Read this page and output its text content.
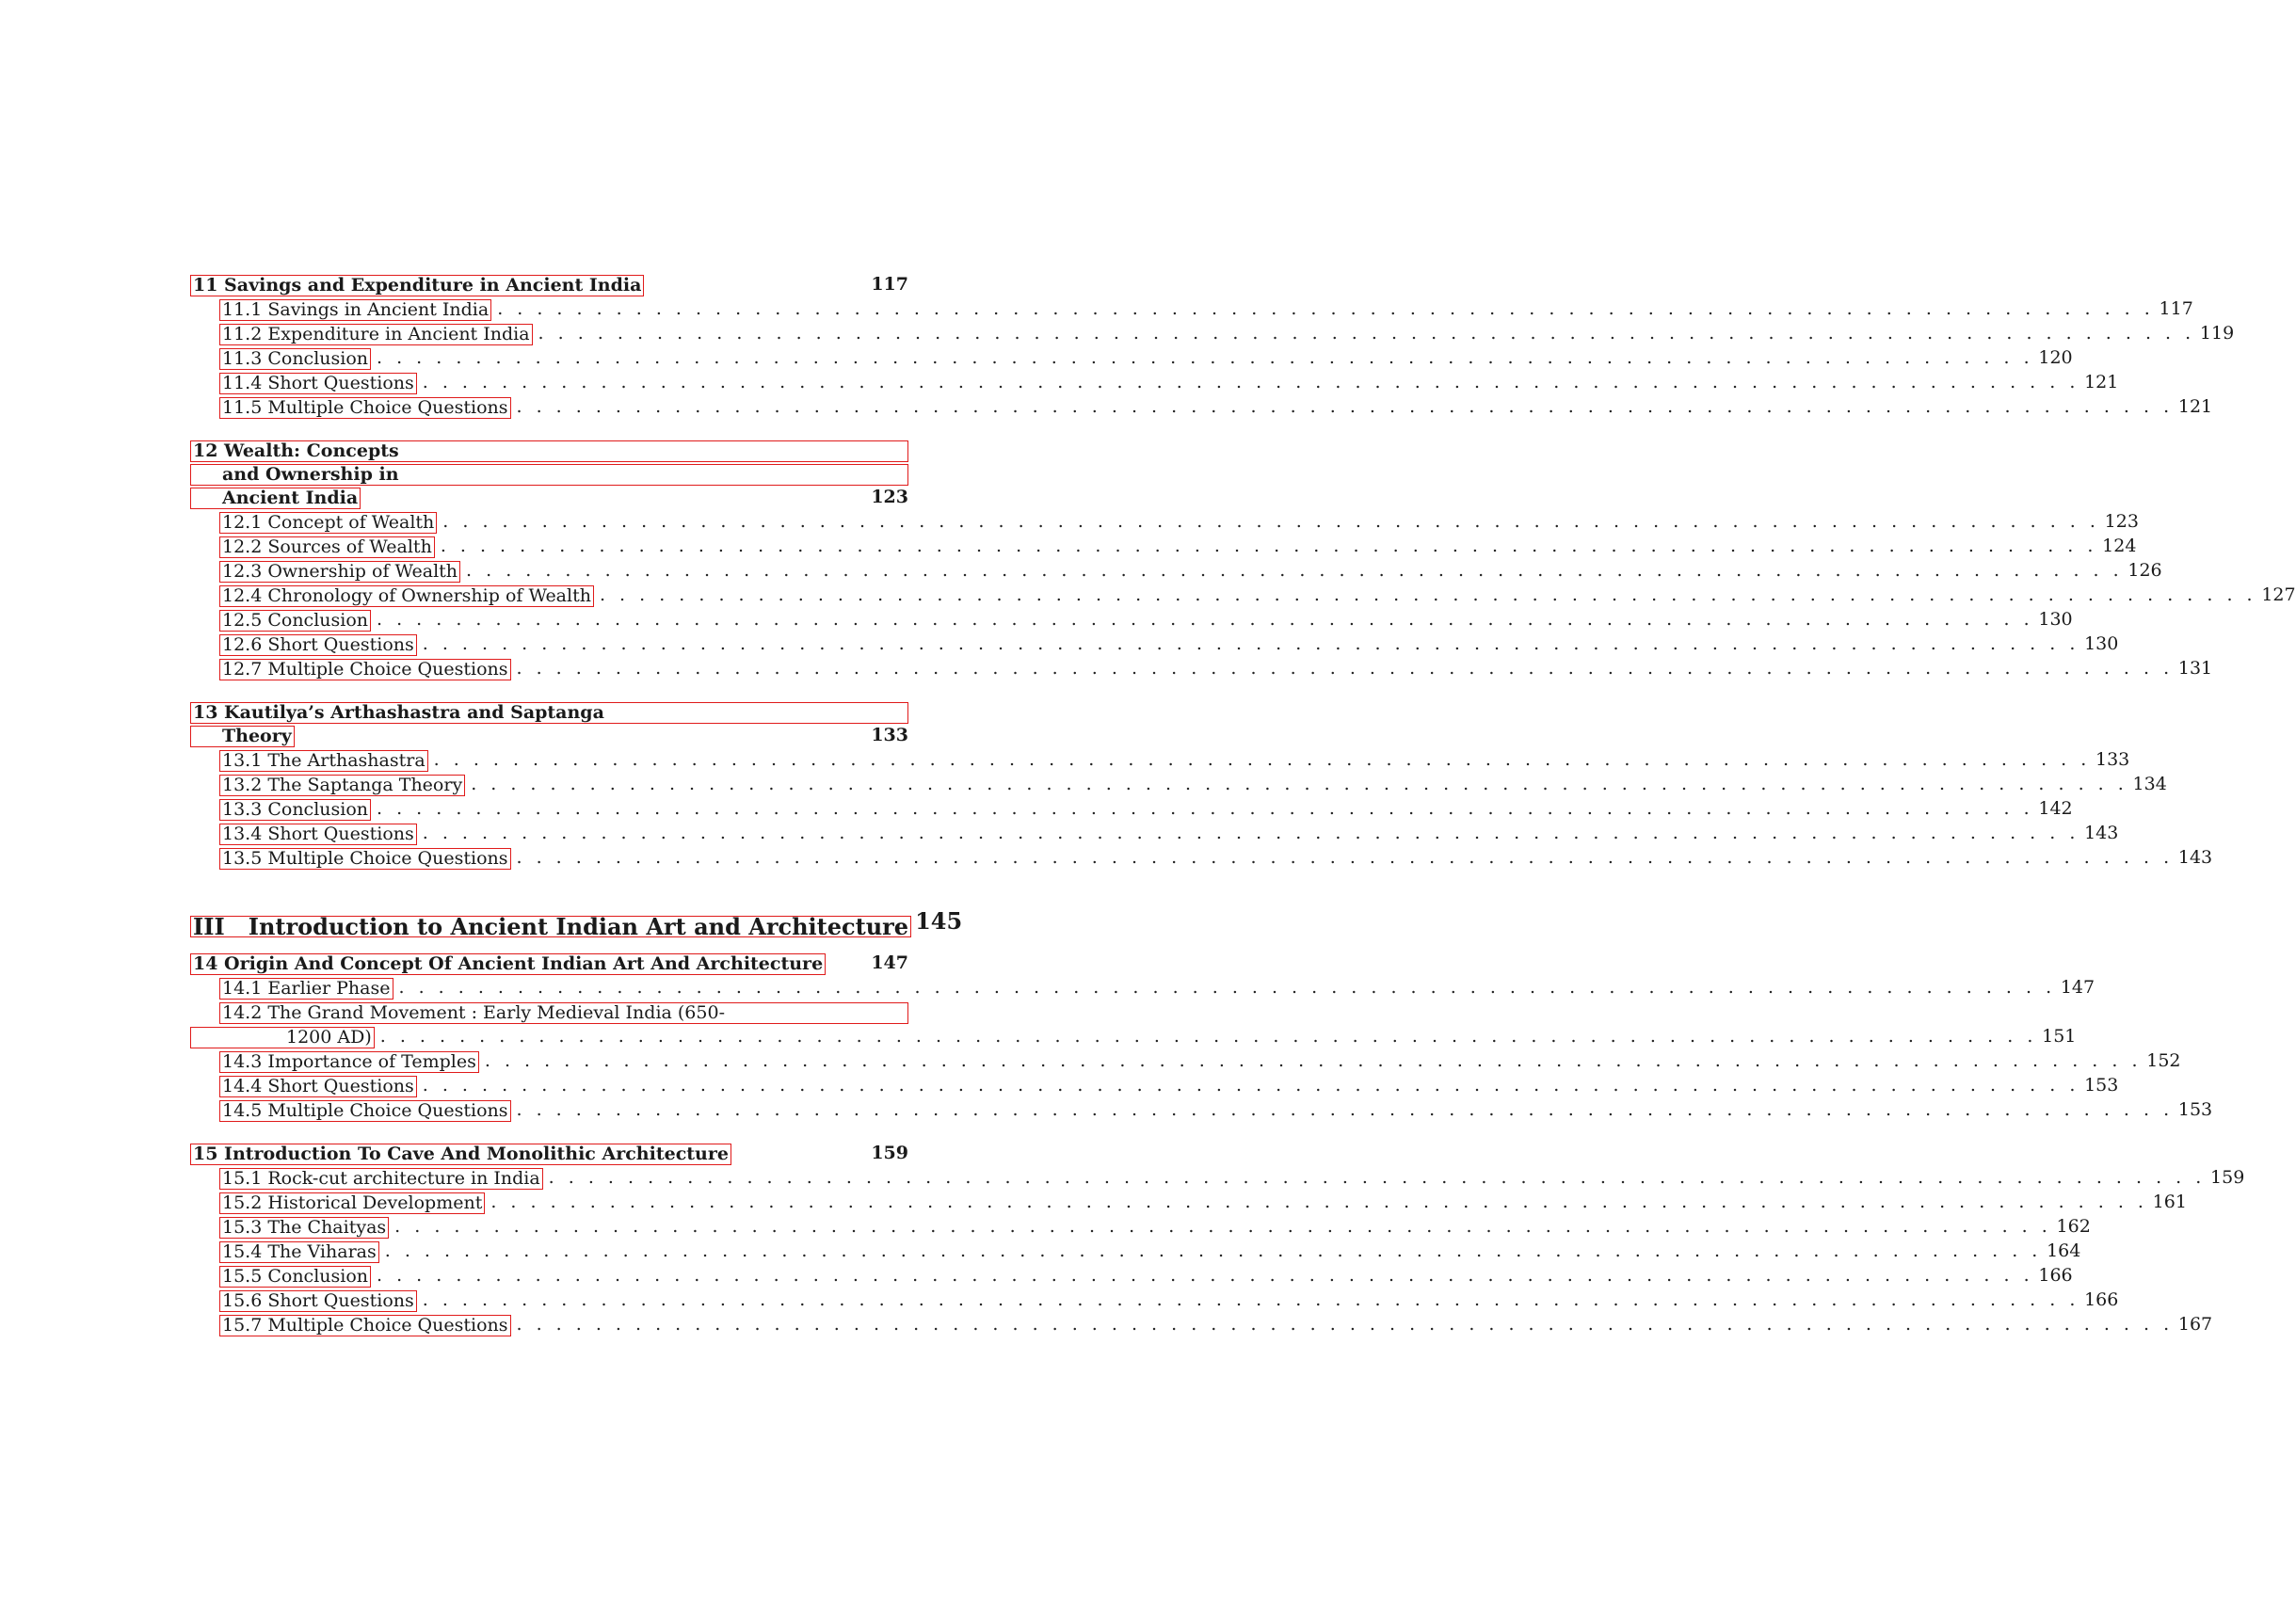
11 Savings and Expenditure in Ancient India	117
11.1 Savings in Ancient India . . .	117
11.2 Expenditure in Ancient India . . .	119
11.3 Conclusion . . .	120
11.4 Short Questions . . .	121
11.5 Multiple Choice Questions . . .	121
12 Wealth: Concepts
and Ownership in
Ancient India	123
12.1 Concept of Wealth . . .	123
12.2 Sources of Wealth . . .	124
12.3 Ownership of Wealth . . .	126
12.4 Chronology of Ownership of Wealth . . .	127
12.5 Conclusion . . .	130
12.6 Short Questions . . .	130
12.7 Multiple Choice Questions . . .	131
13 Kautilya’s Arthashastra and Saptanga
Theory	133
13.1 The Arthashastra . . .	133
13.2 The Saptanga Theory . . .	134
13.3 Conclusion . . .	142
13.4 Short Questions . . .	143
13.5 Multiple Choice Questions . . .	143
III   Introduction to Ancient Indian Art and Architecture 145
14 Origin And Concept Of Ancient Indian Art And Architecture	147
14.1 Earlier Phase . . .	147
14.2 The Grand Movement : Early Medieval India (650-
1200 AD) . . .	151
14.3 Importance of Temples . . .	152
14.4 Short Questions . . .	153
14.5 Multiple Choice Questions . . .	153
15 Introduction To Cave And Monolithic Architecture	159
15.1 Rock-cut architecture in India . . .	159
15.2 Historical Development . . .	161
15.3 The Chaityas . . .	162
15.4 The Viharas . . .	164
15.5 Conclusion . . .	166
15.6 Short Questions . . .	166
15.7 Multiple Choice Questions . . .	167
